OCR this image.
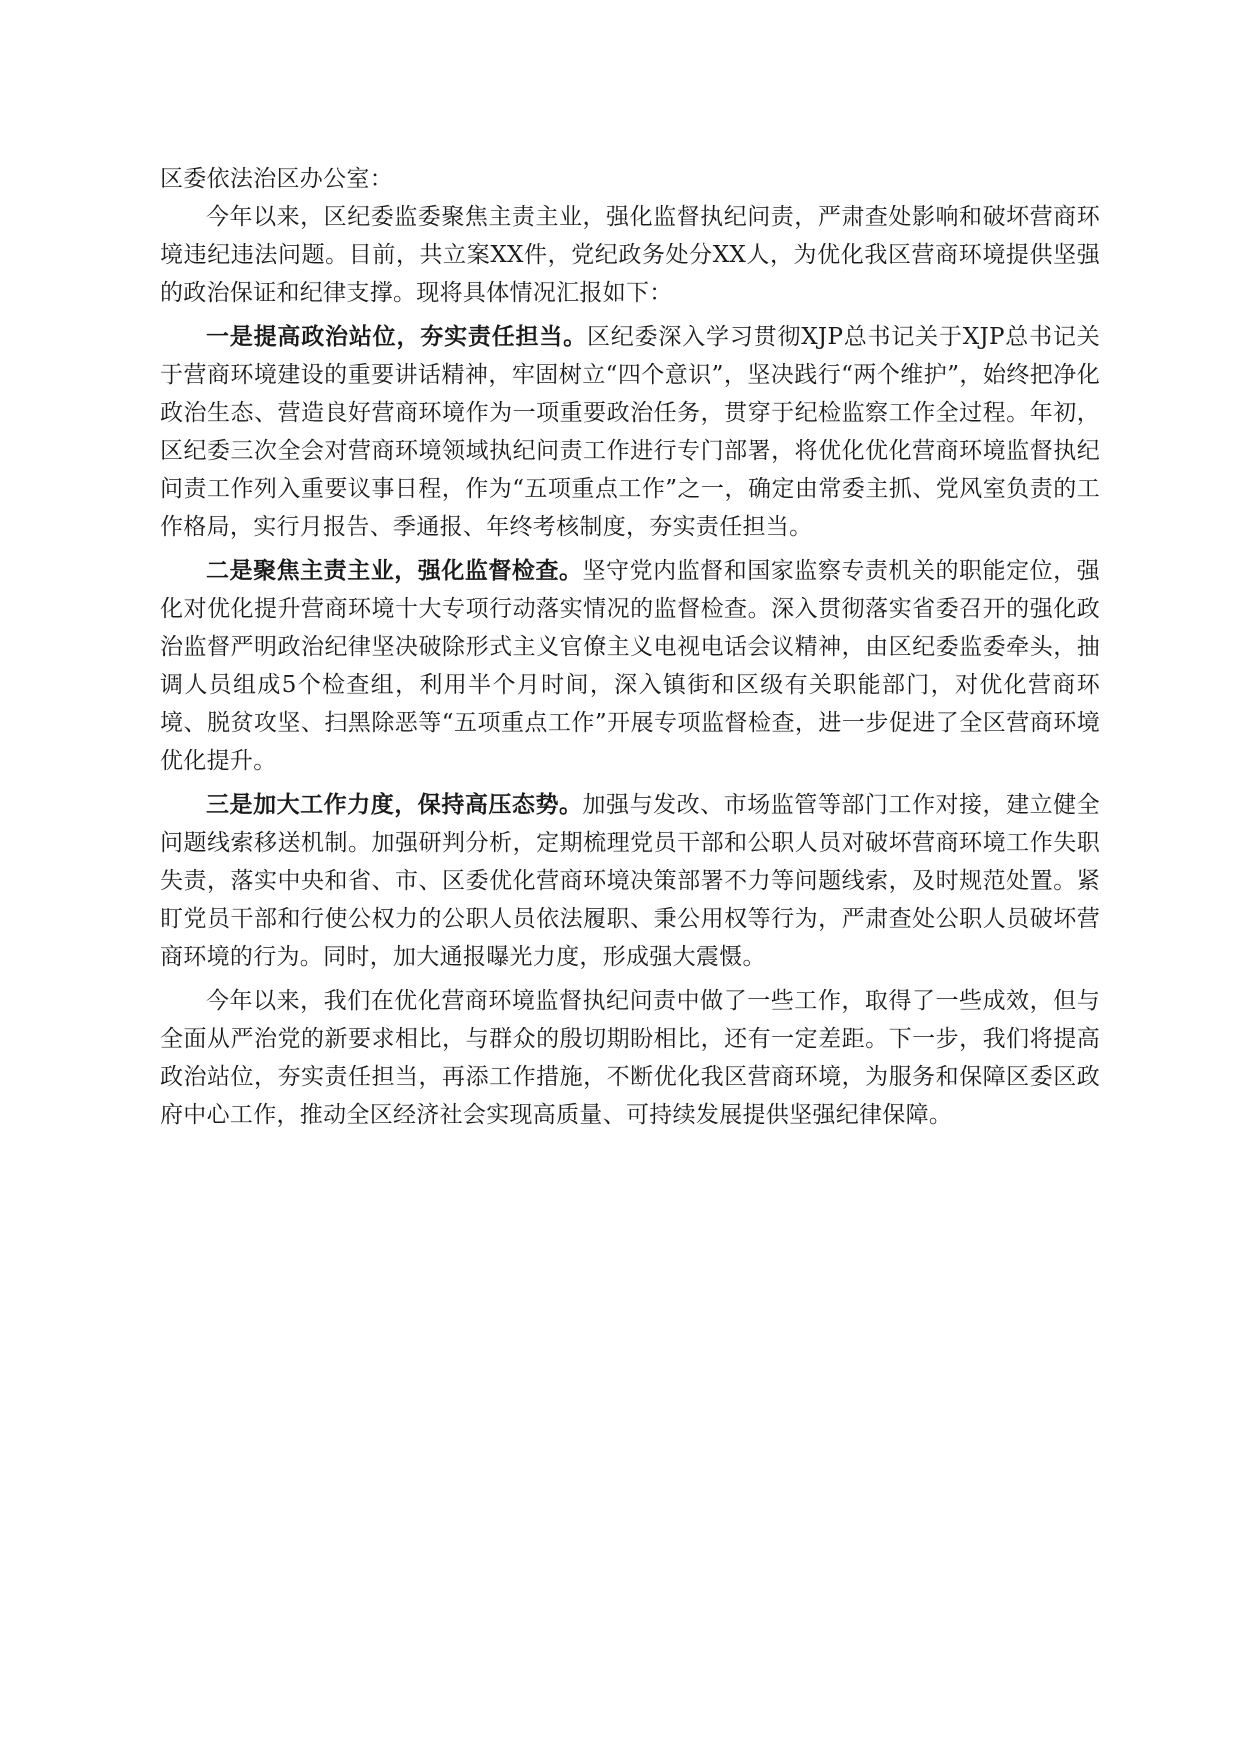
区委依法治区办公室：

今年以来，区纪委监委聚焦主责主业，强化监督执纪问责，严肃查处影响和破坏营商环境违纪违法问题。目前，共立案XX件，党纪政务处分XX人，为优化我区营商环境提供坚强的政治保证和纪律支撑。现将具体情况汇报如下：

一是提高政治站位，夯实责任担当。区纪委深入学习贯彻XJP总书记关于XJP总书记关于营商环境建设的重要讲话精神，牢固树立“四个意识”，坚决践行“两个维护”，始终把净化政治生态、营造良好营商环境作为一项重要政治任务，贯穿于纪检监察工作全过程。年初，区纪委三次全会对营商环境领域执纪问责工作进行专门部署，将优化优化营商环境监督执纪问责工作列入重要议事日程，作为“五项重点工作”之一，确定由常委主抓、党风室负责的工作格局，实行月报告、季通报、年终考核制度，夯实责任担当。

二是聚焦主责主业，强化监督检查。坚守党内监督和国家监察专责机关的职能定位，强化对优化提升营商环境十大专项行动落实情况的监督检查。深入贯彻落实省委召开的强化政治监督严明政治纪律坚决破除形式主义官僚主义电视电话会议精神，由区纪委监委牵头，抽调人员组成5个检查组，利用半个月时间，深入镇街和区级有关职能部门，对优化营商环境、脱贫攻坚、扫黑除恶等“五项重点工作”开展专项监督检查，进一步促进了全区营商环境优化提升。

三是加大工作力度，保持高压态势。加强与发改、市场监管等部门工作对接，建立健全问题线索移送机制。加强研判分析，定期梳理党员干部和公职人员对破坏营商环境工作失职失责，落实中央和省、市、区委优化营商环境决策部署不力等问题线索，及时规范处置。紧盯党员干部和行使公权力的公职人员依法履职、秉公用权等行为，严肃查处公职人员破坏营商环境的行为。同时，加大通报曝光力度，形成强大震慑。

今年以来，我们在优化营商环境监督执纪问责中做了一些工作，取得了一些成效，但与全面从严治党的新要求相比，与群众的殷切期盼相比，还有一定差距。下一步，我们将提高政治站位，夯实责任担当，再添工作措施，不断优化我区营商环境，为服务和保障区委区政府中心工作，推动全区经济社会实现高质量、可持续发展提供坚强纪律保障。
